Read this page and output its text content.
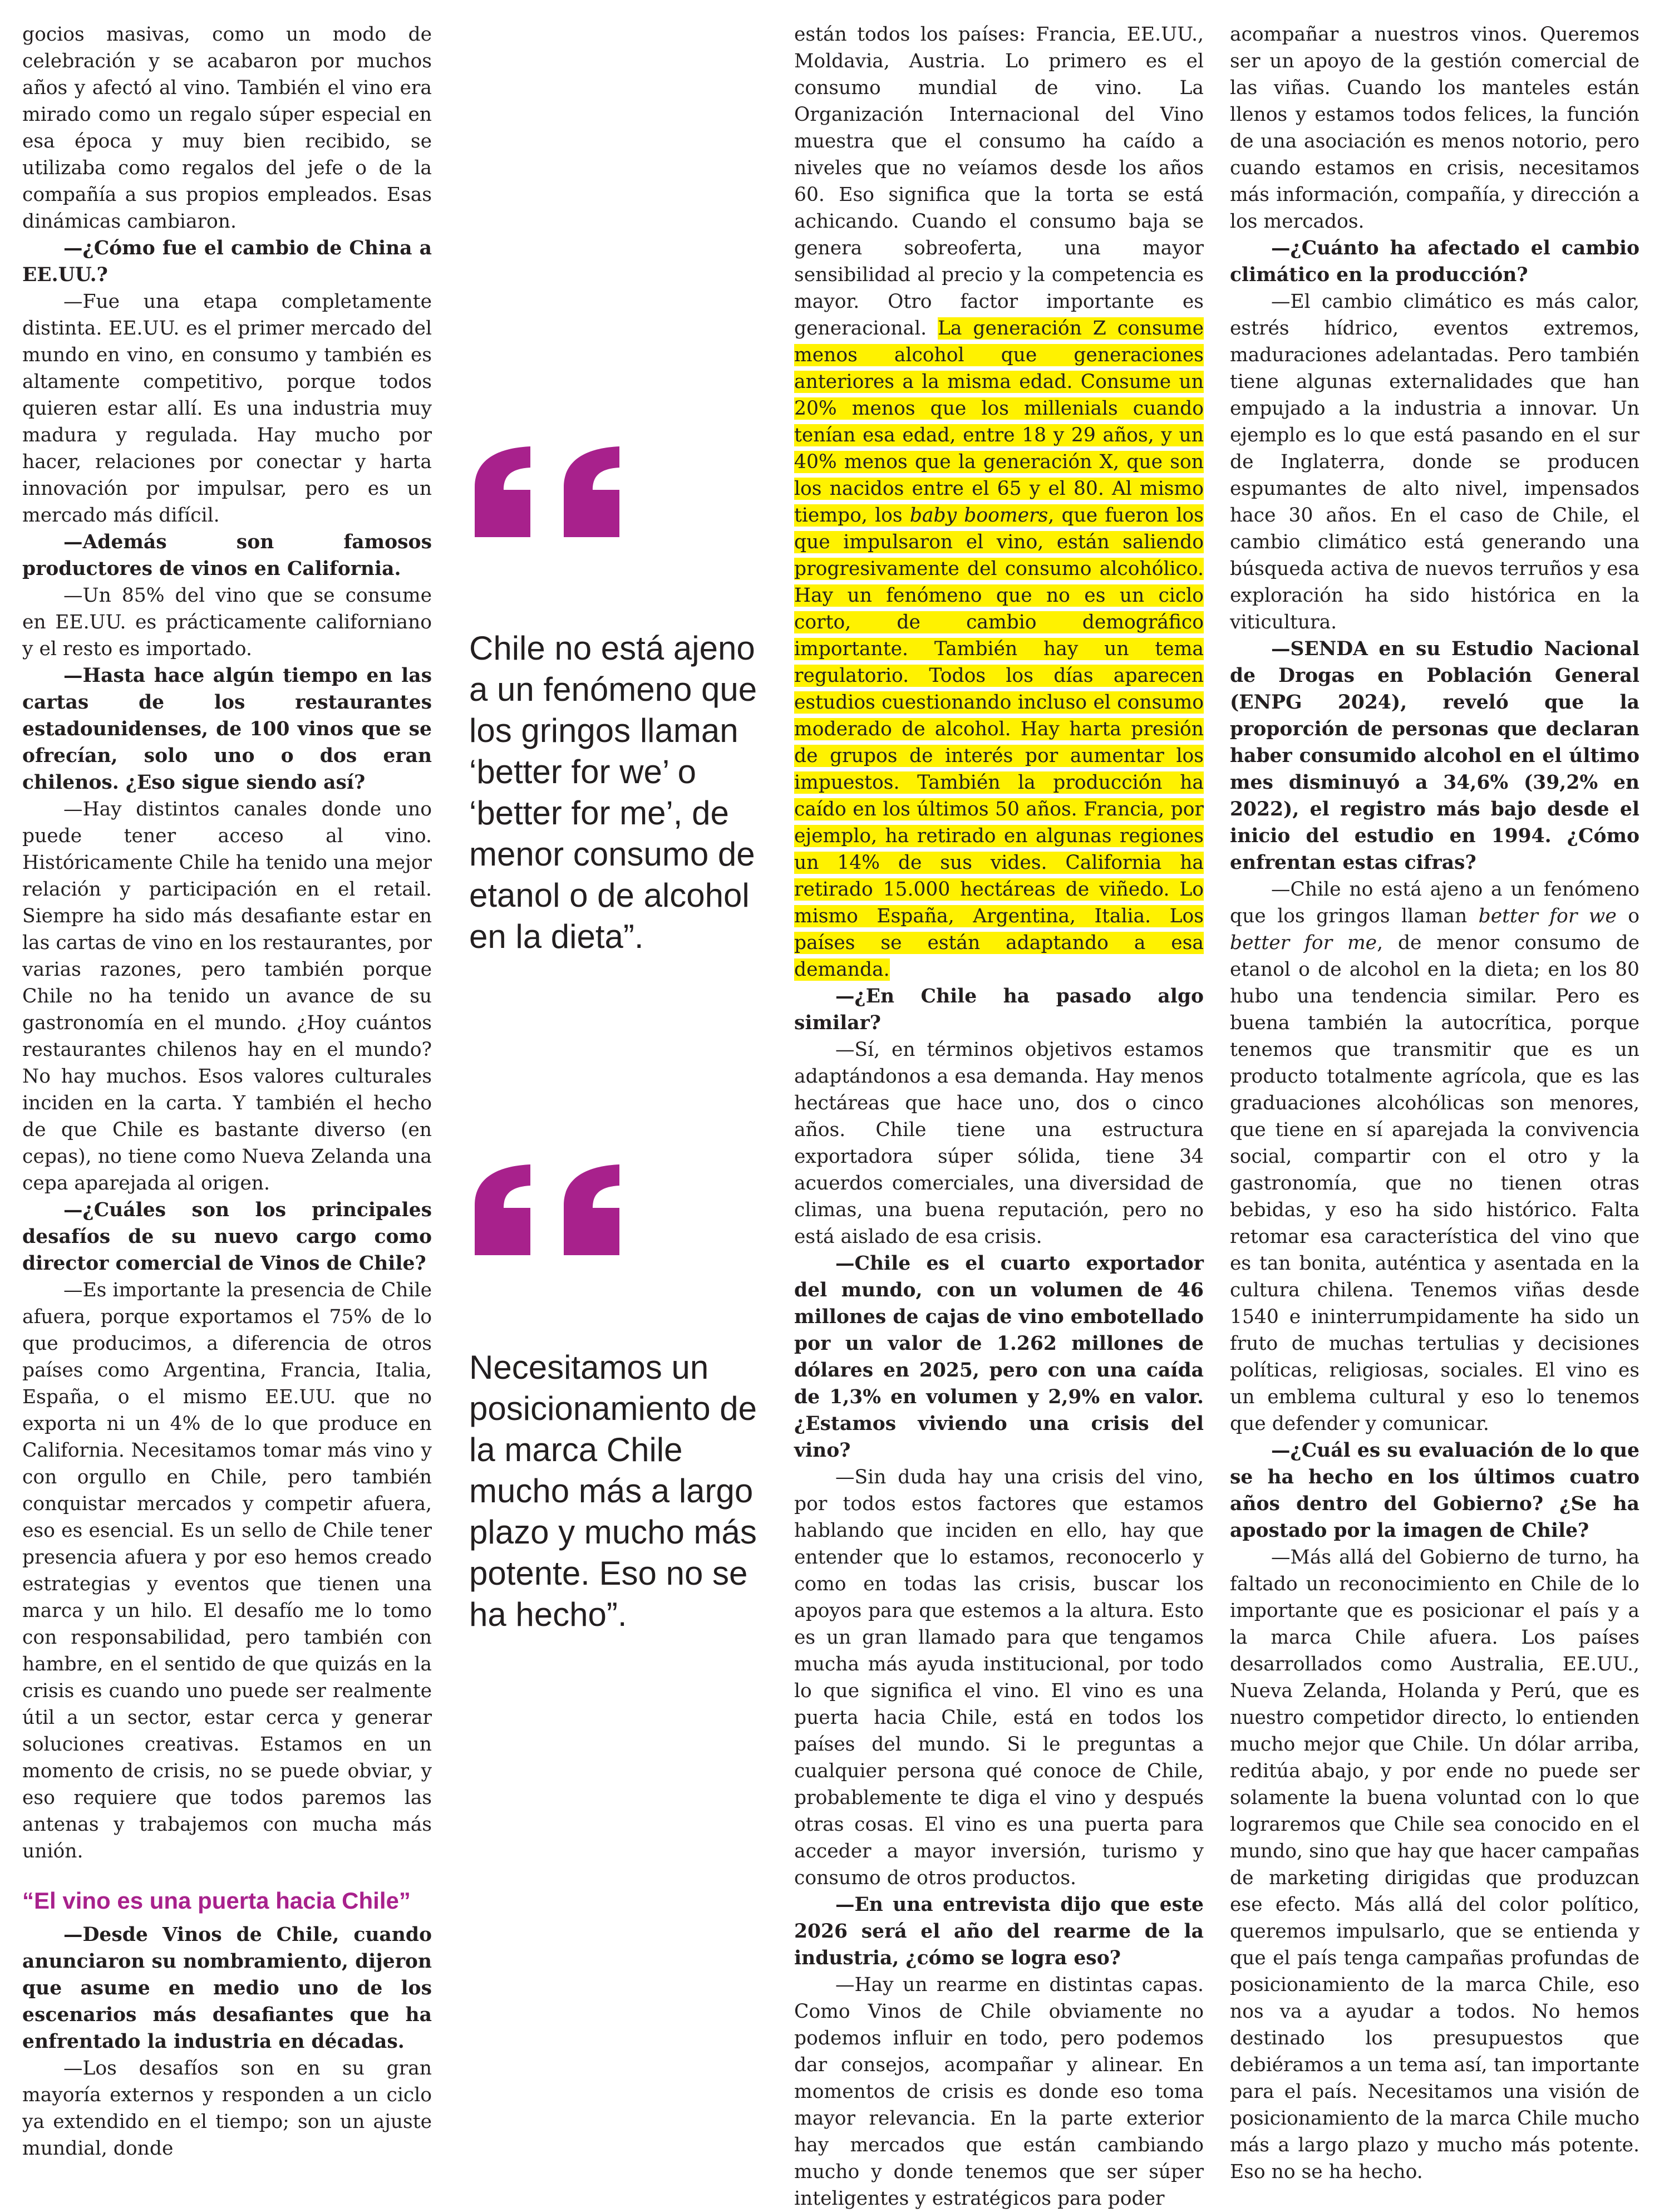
gocios masivas, como un modo de celebración y se acabaron por muchos años y afectó al vino. También el vino era mirado como un regalo súper especial en esa época y muy bien recibido, se utilizaba como regalos del jefe o de la compañía a sus propios empleados. Esas dinámicas cambiaron.

—¿Cómo fue el cambio de China a EE.UU.?

—Fue una etapa completamente distinta. EE.UU. es el primer mercado del mundo en vino, en consumo y también es altamente competitivo, porque todos quieren estar allí. Es una industria muy madura y regulada. Hay mucho por hacer, relaciones por conectar y harta innovación por impulsar, pero es un mercado más difícil.

—Además son famosos productores de vinos en California.

—Un 85% del vino que se consume en EE.UU. es prácticamente californiano y el resto es importado.

—Hasta hace algún tiempo en las cartas de los restaurantes estadounidenses, de 100 vinos que se ofrecían, solo uno o dos eran chilenos. ¿Eso sigue siendo así?

—Hay distintos canales donde uno puede tener acceso al vino. Históricamente Chile ha tenido una mejor relación y participación en el retail. Siempre ha sido más desafiante estar en las cartas de vino en los restaurantes, por varias razones, pero también porque Chile no ha tenido un avance de su gastronomía en el mundo. ¿Hoy cuántos restaurantes chilenos hay en el mundo? No hay muchos. Esos valores culturales inciden en la carta. Y también el hecho de que Chile es bastante diverso (en cepas), no tiene como Nueva Zelanda una cepa aparejada al origen.

—¿Cuáles son los principales desafíos de su nuevo cargo como director comercial de Vinos de Chile?

—Es importante la presencia de Chile afuera, porque exportamos el 75% de lo que producimos, a diferencia de otros países como Argentina, Francia, Italia, España, o el mismo EE.UU. que no exporta ni un 4% de lo que produce en California. Necesitamos tomar más vino y con orgullo en Chile, pero también conquistar mercados y competir afuera, eso es esencial. Es un sello de Chile tener presencia afuera y por eso hemos creado estrategias y eventos que tienen una marca y un hilo. El desafío me lo tomo con responsabilidad, pero también con hambre, en el sentido de que quizás en la crisis es cuando uno puede ser realmente útil a un sector, estar cerca y generar soluciones creativas. Estamos en un momento de crisis, no se puede obviar, y eso requiere que todos paremos las antenas y trabajemos con mucha más unión.

“El vino es una puerta hacia Chile”

—Desde Vinos de Chile, cuando anunciaron su nombramiento, dijeron que asume en medio uno de los escenarios más desafiantes que ha enfrentado la industria en décadas.

—Los desafíos son en su gran mayoría externos y responden a un ciclo ya extendido en el tiempo; son un ajuste mundial, donde

Chile no está ajeno a un fenómeno que los gringos llaman ‘better for we’ o ‘better for me’, de menor consumo de etanol o de alcohol en la dieta”.
Necesitamos un posicionamiento de la marca Chile mucho más a largo plazo y mucho más potente. Eso no se ha hecho”.

están todos los países: Francia, EE.UU., Moldavia, Austria. Lo primero es el consumo mundial de vino. La Organización Internacional del Vino muestra que el consumo ha caído a niveles que no veíamos desde los años 60. Eso significa que la torta se está achicando. Cuando el consumo baja se genera sobreoferta, una mayor sensibilidad al precio y la competencia es mayor. Otro factor importante es generacional. La generación Z consume menos alcohol que generaciones anteriores a la misma edad. Consume un 20% menos que los millenials cuando tenían esa edad, entre 18 y 29 años, y un 40% menos que la generación X, que son los nacidos entre el 65 y el 80. Al mismo tiempo, los baby boomers, que fueron los que impulsaron el vino, están saliendo progresivamente del consumo alcohólico. Hay un fenómeno que no es un ciclo corto, de cambio demográfico importante. También hay un tema regulatorio. Todos los días aparecen estudios cuestionando incluso el consumo moderado de alcohol. Hay harta presión de grupos de interés por aumentar los impuestos. También la producción ha caído en los últimos 50 años. Francia, por ejemplo, ha retirado en algunas regiones un 14% de sus vides. California ha retirado 15.000 hectáreas de viñedo. Lo mismo España, Argentina, Italia. Los países se están adaptando a esa demanda.

—¿En Chile ha pasado algo similar?

—Sí, en términos objetivos estamos adaptándonos a esa demanda. Hay menos hectáreas que hace uno, dos o cinco años. Chile tiene una estructura exportadora súper sólida, tiene 34 acuerdos comerciales, una diversidad de climas, una buena reputación, pero no está aislado de esa crisis.

—Chile es el cuarto exportador del mundo, con un volumen de 46 millones de cajas de vino embotellado por un valor de 1.262 millones de dólares en 2025, pero con una caída de 1,3% en volumen y 2,9% en valor. ¿Estamos viviendo una crisis del vino?

—Sin duda hay una crisis del vino, por todos estos factores que estamos hablando que inciden en ello, hay que entender que lo estamos, reconocerlo y como en todas las crisis, buscar los apoyos para que estemos a la altura. Esto es un gran llamado para que tengamos mucha más ayuda institucional, por todo lo que significa el vino. El vino es una puerta hacia Chile, está en todos los países del mundo. Si le preguntas a cualquier persona qué conoce de Chile, probablemente te diga el vino y después otras cosas. El vino es una puerta para acceder a mayor inversión, turismo y consumo de otros productos.

—En una entrevista dijo que este 2026 será el año del rearme de la industria, ¿cómo se logra eso?

—Hay un rearme en distintas capas. Como Vinos de Chile obviamente no podemos influir en todo, pero podemos dar consejos, acompañar y alinear. En momentos de crisis es donde eso toma mayor relevancia. En la parte exterior hay mercados que están cambiando mucho y donde tenemos que ser súper inteligentes y estratégicos para poder

acompañar a nuestros vinos. Queremos ser un apoyo de la gestión comercial de las viñas. Cuando los manteles están llenos y estamos todos felices, la función de una asociación es menos notorio, pero cuando estamos en crisis, necesitamos más información, compañía, y dirección a los mercados.

—¿Cuánto ha afectado el cambio climático en la producción?

—El cambio climático es más calor, estrés hídrico, eventos extremos, maduraciones adelantadas. Pero también tiene algunas externalidades que han empujado a la industria a innovar. Un ejemplo es lo que está pasando en el sur de Inglaterra, donde se producen espumantes de alto nivel, impensados hace 30 años. En el caso de Chile, el cambio climático está generando una búsqueda activa de nuevos terruños y esa exploración ha sido histórica en la viticultura.

—SENDA en su Estudio Nacional de Drogas en Población General (ENPG 2024), reveló que la proporción de personas que declaran haber consumido alcohol en el último mes disminuyó a 34,6% (39,2% en 2022), el registro más bajo desde el inicio del estudio en 1994. ¿Cómo enfrentan estas cifras?

—Chile no está ajeno a un fenómeno que los gringos llaman better for we o better for me, de menor consumo de etanol o de alcohol en la dieta; en los 80 hubo una tendencia similar. Pero es buena también la autocrítica, porque tenemos que transmitir que es un producto totalmente agrícola, que es las graduaciones alcohólicas son menores, que tiene en sí aparejada la convivencia social, compartir con el otro y la gastronomía, que no tienen otras bebidas, y eso ha sido histórico. Falta retomar esa característica del vino que es tan bonita, auténtica y asentada en la cultura chilena. Tenemos viñas desde 1540 e ininterrumpidamente ha sido un fruto de muchas tertulias y decisiones políticas, religiosas, sociales. El vino es un emblema cultural y eso lo tenemos que defender y comunicar.

—¿Cuál es su evaluación de lo que se ha hecho en los últimos cuatro años dentro del Gobierno? ¿Se ha apostado por la imagen de Chile?

—Más allá del Gobierno de turno, ha faltado un reconocimiento en Chile de lo importante que es posicionar el país y a la marca Chile afuera. Los países desarrollados como Australia, EE.UU., Nueva Zelanda, Holanda y Perú, que es nuestro competidor directo, lo entienden mucho mejor que Chile. Un dólar arriba, reditúa abajo, y por ende no puede ser solamente la buena voluntad con lo que lograremos que Chile sea conocido en el mundo, sino que hay que hacer campañas de marketing dirigidas que produzcan ese efecto. Más allá del color político, queremos impulsarlo, que se entienda y que el país tenga campañas profundas de posicionamiento de la marca Chile, eso nos va a ayudar a todos. No hemos destinado los presupuestos que debiéramos a un tema así, tan importante para el país. Necesitamos una visión de posicionamiento de la marca Chile mucho más a largo plazo y mucho más potente. Eso no se ha hecho.
